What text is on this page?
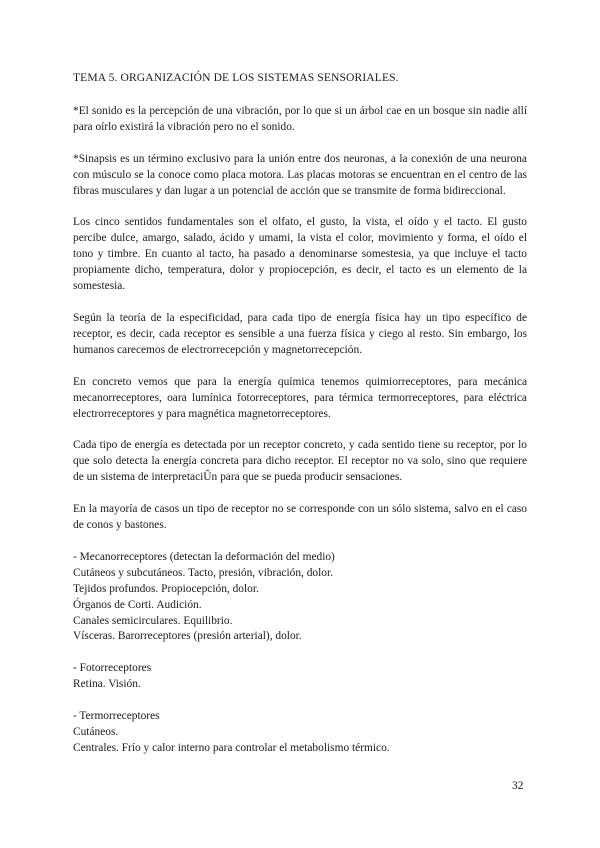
TEMA 5. ORGANIZACIÓN DE LOS SISTEMAS SENSORIALES.

*El sonido es la percepción de una vibración, por lo que si un árbol cae en un bosque sin nadie allí para oírlo existirá la vibración pero no el sonido.

*Sinapsis es un término exclusivo para la unión entre dos neuronas, a la conexión de una neurona con músculo se la conoce como placa motora. Las placas motoras se encuentran en el centro de las fibras musculares y dan lugar a un potencial de acción que se transmite de forma bidireccional.

Los cinco sentidos fundamentales son el olfato, el gusto, la vista, el oído y el tacto. El gusto percibe dulce, amargo, salado, ácido y umami, la vista el color, movimiento y forma, el oído el tono y timbre. En cuanto al tacto, ha pasado a denominarse somestesia, ya que incluye el tacto propiamente dicho, temperatura, dolor y propiocepción, es decir, el tacto es un elemento de la somestesia.

Según la teoría de la especificidad, para cada tipo de energía física hay un tipo específico de receptor, es decir, cada receptor es sensible a una fuerza física y ciego al resto. Sin embargo, los humanos carecemos de electrorrecepción y magnetorrecepción.

En concreto vemos que para la energía química tenemos quimiorreceptores, para mecánica mecanorreceptores, oara lumínica fotorreceptores, para térmica termorreceptores, para eléctrica electrorreceptores y para magnética magnetorreceptores.

Cada tipo de energía es detectada por un receptor concreto, y cada sentido tiene su receptor, por lo que solo detecta la energía concreta para dicho receptor. El receptor no va solo, sino que requiere de un sistema de interpretaciÛn para que se pueda producir sensaciones.

En la mayoría de casos un tipo de receptor no se corresponde con un sólo sistema, salvo en el caso de conos y bastones.

- Mecanorreceptores (detectan la deformación del medio)
Cutáneos y subcutáneos. Tacto, presión, vibración, dolor.
Tejidos profundos. Propiocepción, dolor.
Órganos de Corti. Audición.
Canales semicirculares. Equilibrio.
Vísceras. Barorreceptores (presión arterial), dolor.
- Fotorreceptores
Retina. Visión.
- Termorreceptores
Cutáneos.
Centrales. Frío y calor interno para controlar el metabolismo térmico.
32
